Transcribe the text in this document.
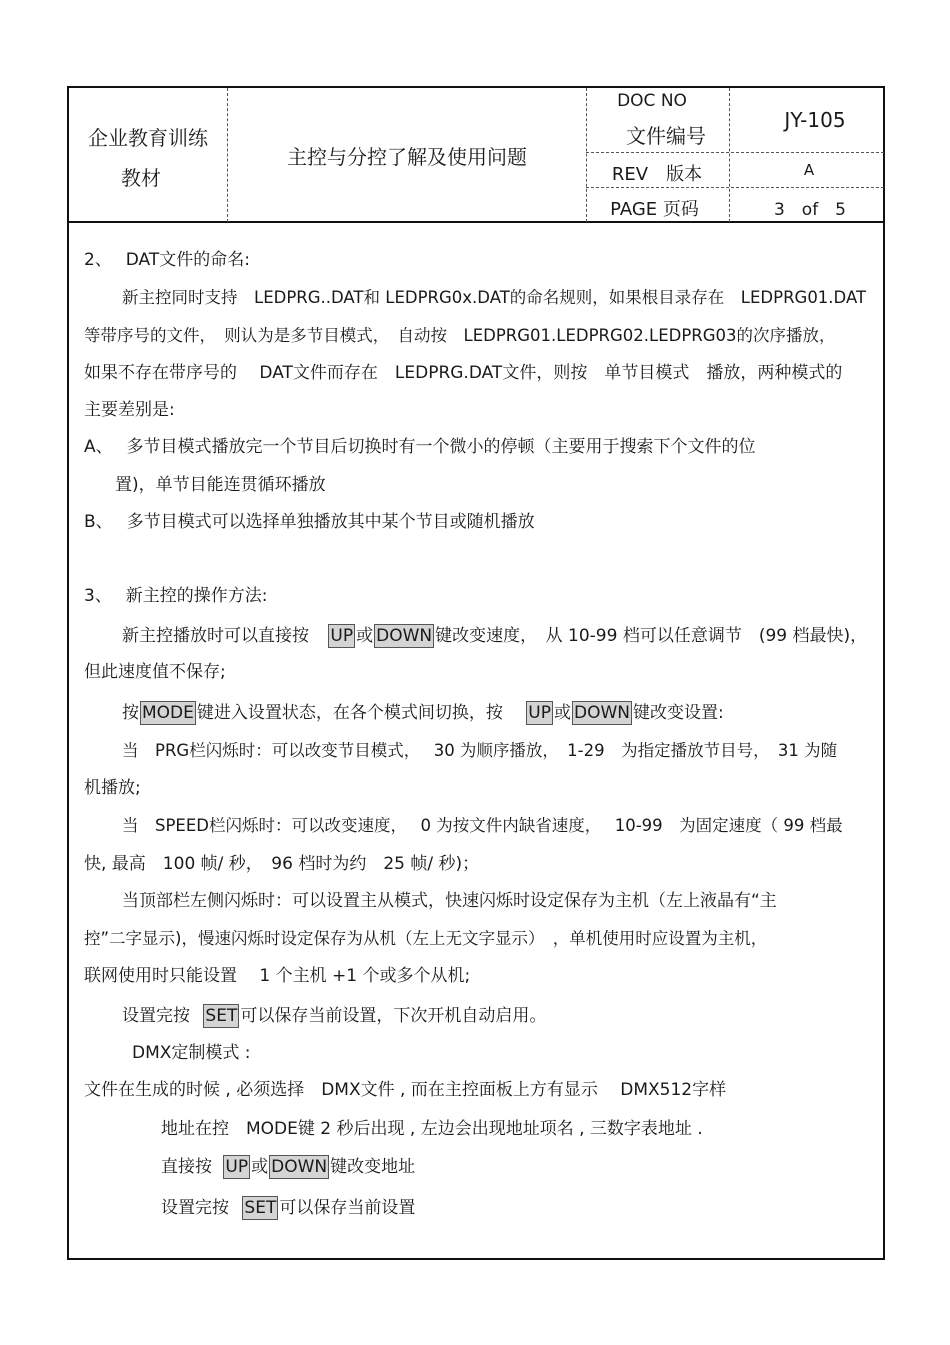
企业教育训练
教材
主控与分控了解及使用问题
DOC NO
文件编号
JY-105
REV　版本	A
PAGE 页码	3　of　5
2、　 DAT文件的命名:
新主控同时支持　LEDPRG..DAT和 LEDPRG0x.DAT的命名规则，如果根目录存在　LEDPRG01.DAT
等带序号的文件，　则认为是多节目模式，　自动按　LEDPRG01.LEDPRG02.LEDPRG03的次序播放，
如果不存在带序号的　 DAT文件而存在　LEDPRG.DAT文件，则按　单节目模式　播放，两种模式的
主要差别是:
A、　 多节目模式播放完一个节目后切换时有一个微小的停顿（主要用于搜索下个文件的位
置)，单节目能连贯循环播放
B、　 多节目模式可以选择单独播放其中某个节目或随机播放
3、　 新主控的操作方法:
新主控播放时可以直接按 UP 或 DOWN 键改变速度，　从 10-99 档可以任意调节　(99 档最快)，
但此速度值不保存;
按 MODE 键进入设置状态，在各个模式间切换，按 UP 或 DOWN 键改变设置:
当　PRG栏闪烁时：可以改变节目模式，　 30 为顺序播放，　1-29　为指定播放节目号，　31 为随
机播放;
当　SPEED栏闪烁时：可以改变速度，　 0 为按文件内缺省速度，　 10-99　为固定速度（ 99 档最
快, 最高　100 帧/ 秒，　96 档时为约　25 帧/ 秒)；
当顶部栏左侧闪烁时：可以设置主从模式，快速闪烁时设定保存为主机（左上液晶有“主
控”二字显示)，慢速闪烁时设定保存为从机（左上无文字显示）　，单机使用时应设置为主机，
联网使用时只能设置　 1 个主机 +1 个或多个从机;
设置完按 SET 可以保存当前设置，下次开机自动启用。
DMX定制模式 :
文件在生成的时候 , 必须选择　DMX文件 , 而在主控面板上方有显示　 DMX512字样
地址在控　MODE键 2 秒后出现 , 左边会出现地址项名 , 三数字表地址 .
直接按 UP 或 DOWN 键改变地址
设置完按 SET 可以保存当前设置
